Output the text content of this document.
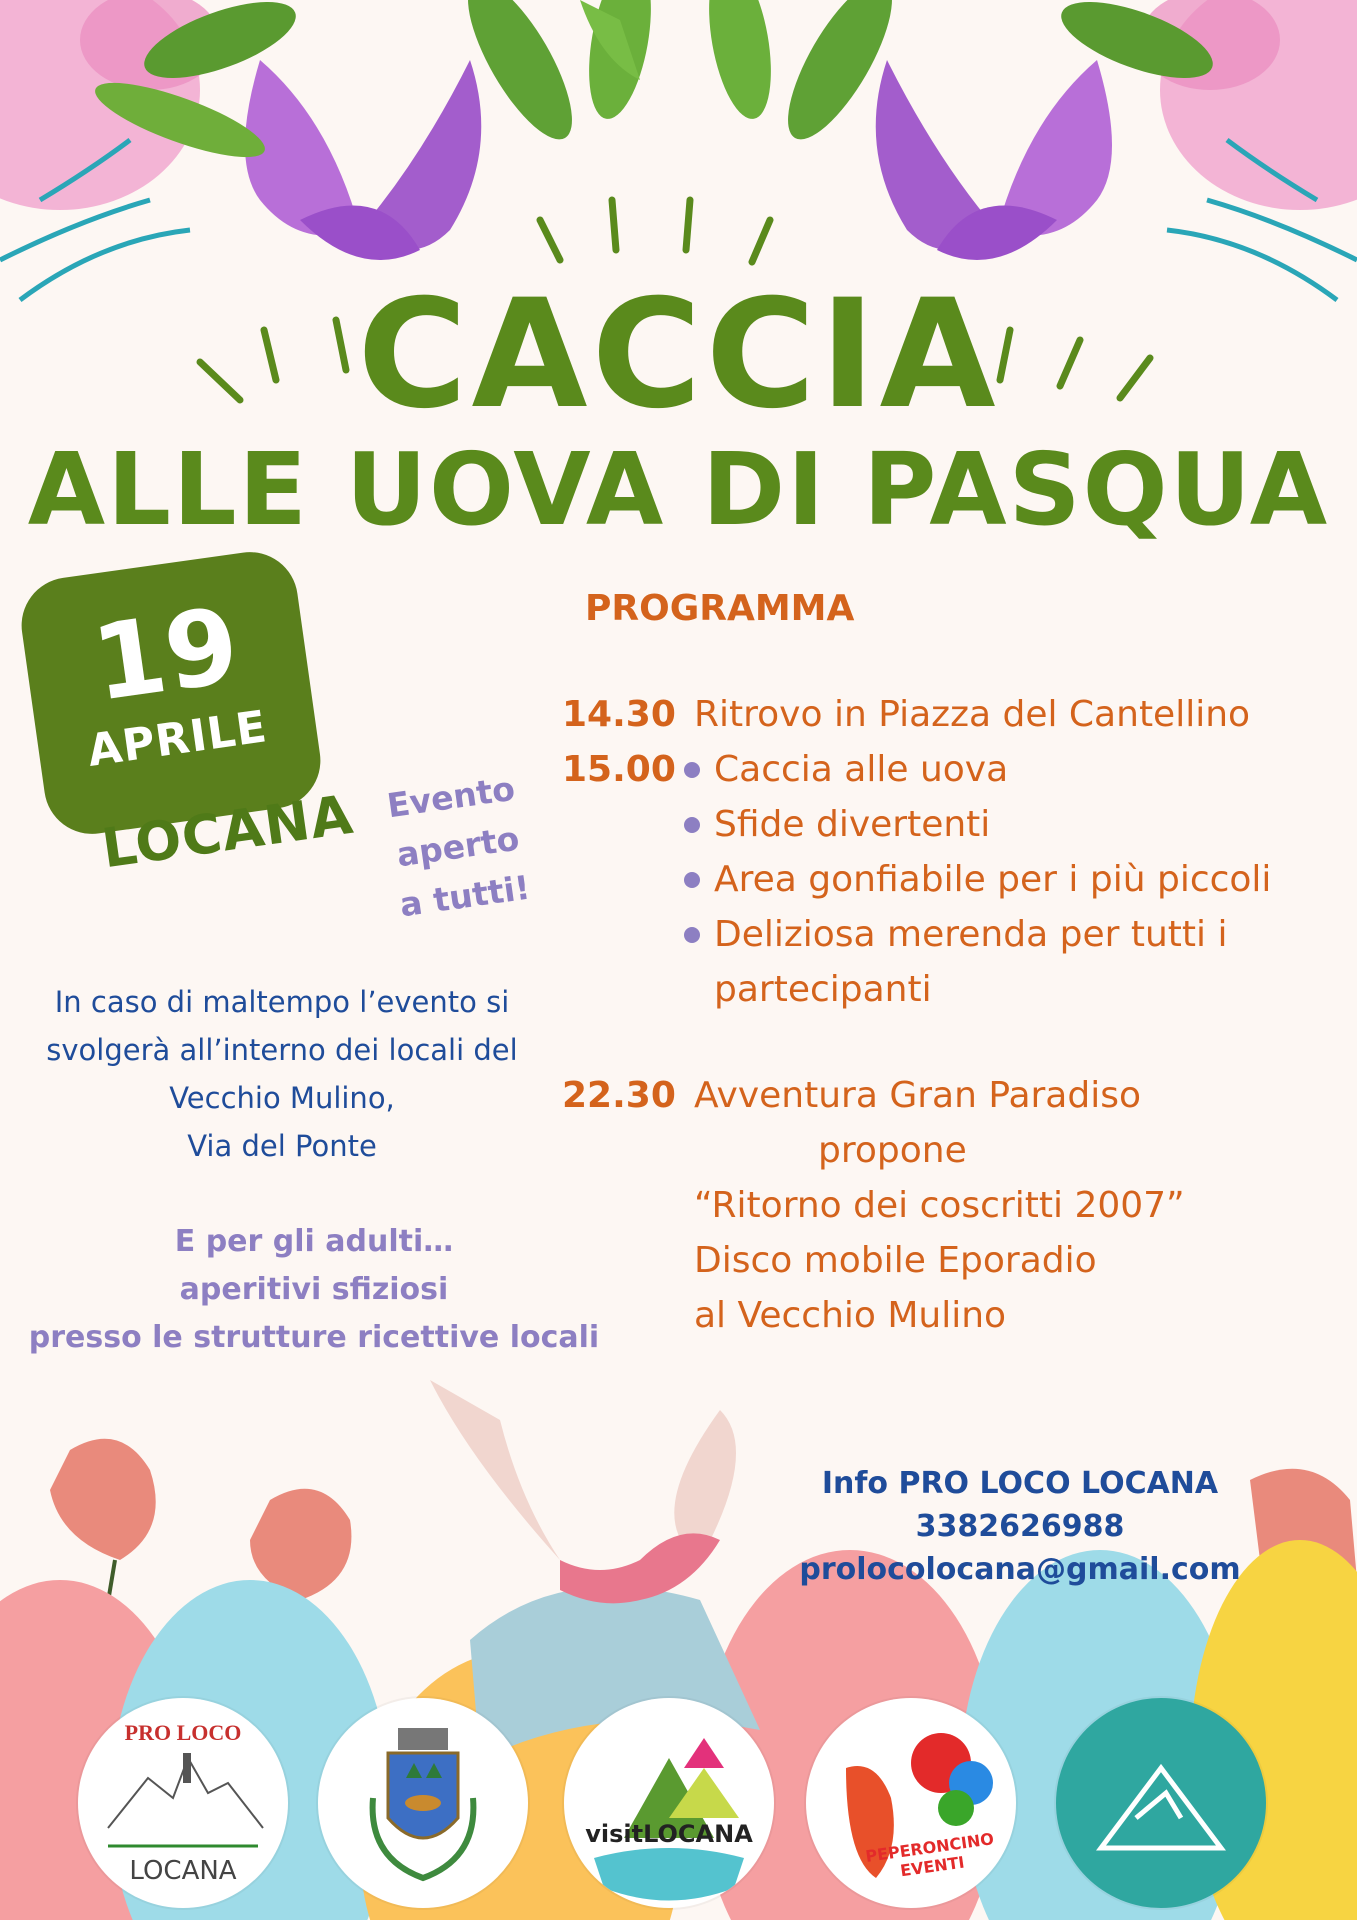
CACCIA
ALLE UOVA DI PASQUA
19
APRILE
LOCANA Evento
aperto
a tutti!
In caso di maltempo l’evento si
svolgerà all’interno dei locali del
Vecchio Mulino,
Via del Ponte
E per gli adulti…
aperitivi sfiziosi
presso le strutture ricettive locali
PROGRAMMA
14.30 Ritrovo in Piazza del Cantellino
15.00 Caccia alle uova
Sfide divertenti
Area gonfiabile per i più piccoli
Deliziosa merenda per tutti i
partecipanti
22.30 Avventura Gran Paradiso
propone
“Ritorno dei coscritti 2007”
Disco mobile Eporadio
al Vecchio Mulino
Info PRO LOCO LOCANA
3382626988
prolocolocana@gmail.com
PRO LOCO
LOCANA
visitLOCANA	PEPERONCINO EVENTI
